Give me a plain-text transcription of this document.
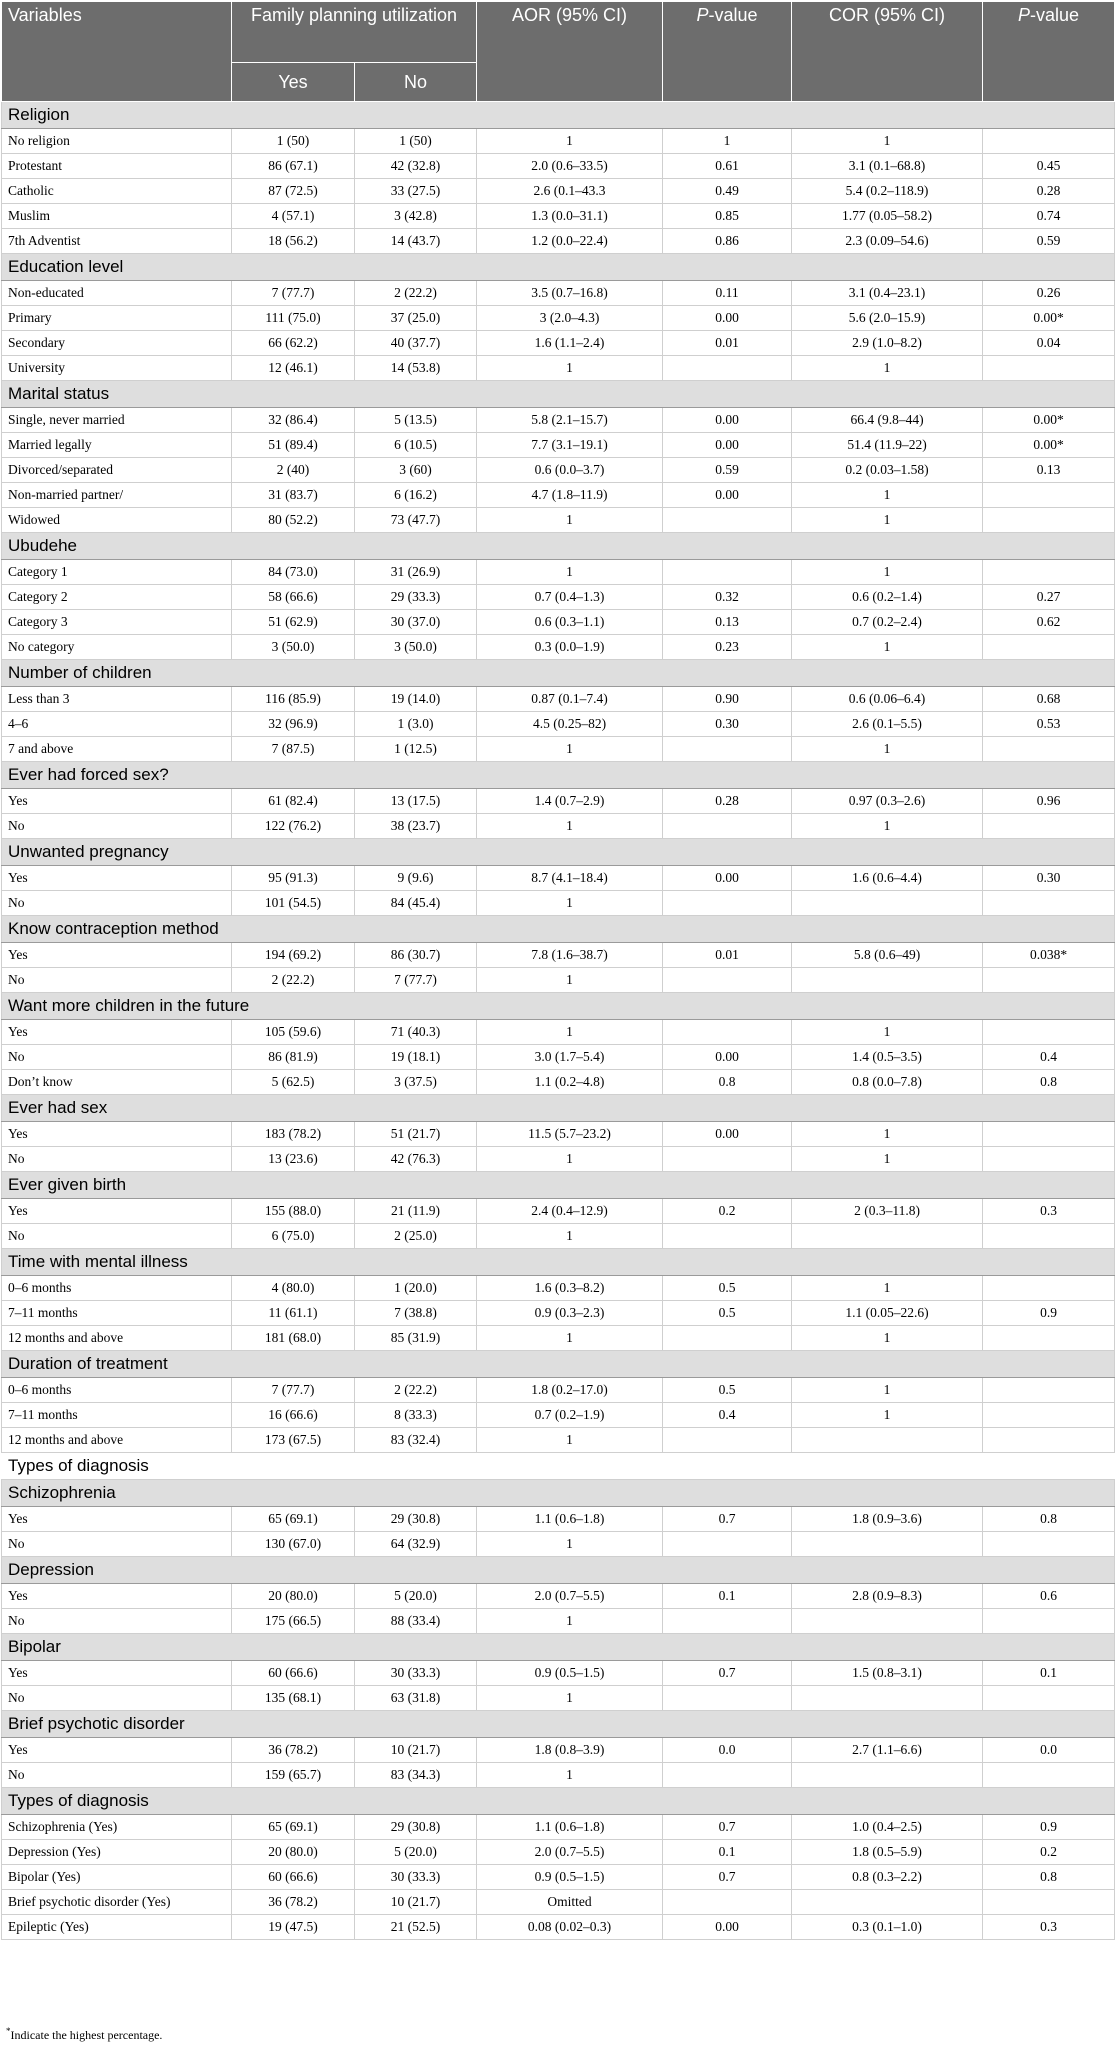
Variables	Family planning utilization		AOR (95% CI)	P-value	COR (95% CI)	P-value
	Yes	No				
Religion						
No religion	1 (50)	1 (50)	1	1	1	
Protestant	86 (67.1)	42 (32.8)	2.0 (0.6–33.5)	0.61	3.1 (0.1–68.8)	0.45
Catholic	87 (72.5)	33 (27.5)	2.6 (0.1–43.3	0.49	5.4 (0.2–118.9)	0.28
Muslim	4 (57.1)	3 (42.8)	1.3 (0.0–31.1)	0.85	1.77 (0.05–58.2)	0.74
7th Adventist	18 (56.2)	14 (43.7)	1.2 (0.0–22.4)	0.86	2.3 (0.09–54.6)	0.59
Education level						
Non-educated	7 (77.7)	2 (22.2)	3.5 (0.7–16.8)	0.11	3.1 (0.4–23.1)	0.26
Primary	111 (75.0)	37 (25.0)	3 (2.0–4.3)	0.00	5.6 (2.0–15.9)	0.00*
Secondary	66 (62.2)	40 (37.7)	1.6 (1.1–2.4)	0.01	2.9 (1.0–8.2)	0.04
University	12 (46.1)	14 (53.8)	1		1	
Marital status						
Single, never married	32 (86.4)	5 (13.5)	5.8 (2.1–15.7)	0.00	66.4 (9.8–44)	0.00*
Married legally	51 (89.4)	6 (10.5)	7.7 (3.1–19.1)	0.00	51.4 (11.9–22)	0.00*
Divorced/separated	2 (40)	3 (60)	0.6 (0.0–3.7)	0.59	0.2 (0.03–1.58)	0.13
Non-married partner/	31 (83.7)	6 (16.2)	4.7 (1.8–11.9)	0.00	1	
Widowed	80 (52.2)	73 (47.7)	1		1	
Ubudehe						
Category 1	84 (73.0)	31 (26.9)	1		1	
Category 2	58 (66.6)	29 (33.3)	0.7 (0.4–1.3)	0.32	0.6 (0.2–1.4)	0.27
Category 3	51 (62.9)	30 (37.0)	0.6 (0.3–1.1)	0.13	0.7 (0.2–2.4)	0.62
No category	3 (50.0)	3 (50.0)	0.3 (0.0–1.9)	0.23	1	
Number of children						
Less than 3	116 (85.9)	19 (14.0)	0.87 (0.1–7.4)	0.90	0.6 (0.06–6.4)	0.68
4–6	32 (96.9)	1 (3.0)	4.5 (0.25–82)	0.30	2.6 (0.1–5.5)	0.53
7 and above	7 (87.5)	1 (12.5)	1		1	
Ever had forced sex?						
Yes	61 (82.4)	13 (17.5)	1.4 (0.7–2.9)	0.28	0.97 (0.3–2.6)	0.96
No	122 (76.2)	38 (23.7)	1		1	
Unwanted pregnancy						
Yes	95 (91.3)	9 (9.6)	8.7 (4.1–18.4)	0.00	1.6 (0.6–4.4)	0.30
No	101 (54.5)	84 (45.4)	1			
Know contraception method						
Yes	194 (69.2)	86 (30.7)	7.8 (1.6–38.7)	0.01	5.8 (0.6–49)	0.038*
No	2 (22.2)	7 (77.7)	1			
Want more children in the future						
Yes	105 (59.6)	71 (40.3)	1		1	
No	86 (81.9)	19 (18.1)	3.0 (1.7–5.4)	0.00	1.4 (0.5–3.5)	0.4
Don’t know	5 (62.5)	3 (37.5)	1.1 (0.2–4.8)	0.8	0.8 (0.0–7.8)	0.8
Ever had sex						
Yes	183 (78.2)	51 (21.7)	11.5 (5.7–23.2)	0.00	1	
No	13 (23.6)	42 (76.3)	1		1	
Ever given birth						
Yes	155 (88.0)	21 (11.9)	2.4 (0.4–12.9)	0.2	2 (0.3–11.8)	0.3
No	6 (75.0)	2 (25.0)	1			
Time with mental illness						
0–6 months	4 (80.0)	1 (20.0)	1.6 (0.3–8.2)	0.5	1	
7–11 months	11 (61.1)	7 (38.8)	0.9 (0.3–2.3)	0.5	1.1 (0.05–22.6)	0.9
12 months and above	181 (68.0)	85 (31.9)	1		1	
Duration of treatment						
0–6 months	7 (77.7)	2 (22.2)	1.8 (0.2–17.0)	0.5	1	
7–11 months	16 (66.6)	8 (33.3)	0.7 (0.2–1.9)	0.4	1	
12 months and above	173 (67.5)	83 (32.4)	1			
Types of diagnosis						
Schizophrenia						
Yes	65 (69.1)	29 (30.8)	1.1 (0.6–1.8)	0.7	1.8 (0.9–3.6)	0.8
No	130 (67.0)	64 (32.9)	1			
Depression						
Yes	20 (80.0)	5 (20.0)	2.0 (0.7–5.5)	0.1	2.8 (0.9–8.3)	0.6
No	175 (66.5)	88 (33.4)	1			
Bipolar						
Yes	60 (66.6)	30 (33.3)	0.9 (0.5–1.5)	0.7	1.5 (0.8–3.1)	0.1
No	135 (68.1)	63 (31.8)	1			
Brief psychotic disorder						
Yes	36 (78.2)	10 (21.7)	1.8 (0.8–3.9)	0.0	2.7 (1.1–6.6)	0.0
No	159 (65.7)	83 (34.3)	1			
Types of diagnosis						
Schizophrenia (Yes)	65 (69.1)	29 (30.8)	1.1 (0.6–1.8)	0.7	1.0 (0.4–2.5)	0.9
Depression (Yes)	20 (80.0)	5 (20.0)	2.0 (0.7–5.5)	0.1	1.8 (0.5–5.9)	0.2
Bipolar (Yes)	60 (66.6)	30 (33.3)	0.9 (0.5–1.5)	0.7	0.8 (0.3–2.2)	0.8
Brief psychotic disorder (Yes)	36 (78.2)	10 (21.7)	Omitted			
Epileptic (Yes)	19 (47.5)	21 (52.5)	0.08 (0.02–0.3)	0.00	0.3 (0.1–1.0)	0.3
*Indicate the highest percentage.
